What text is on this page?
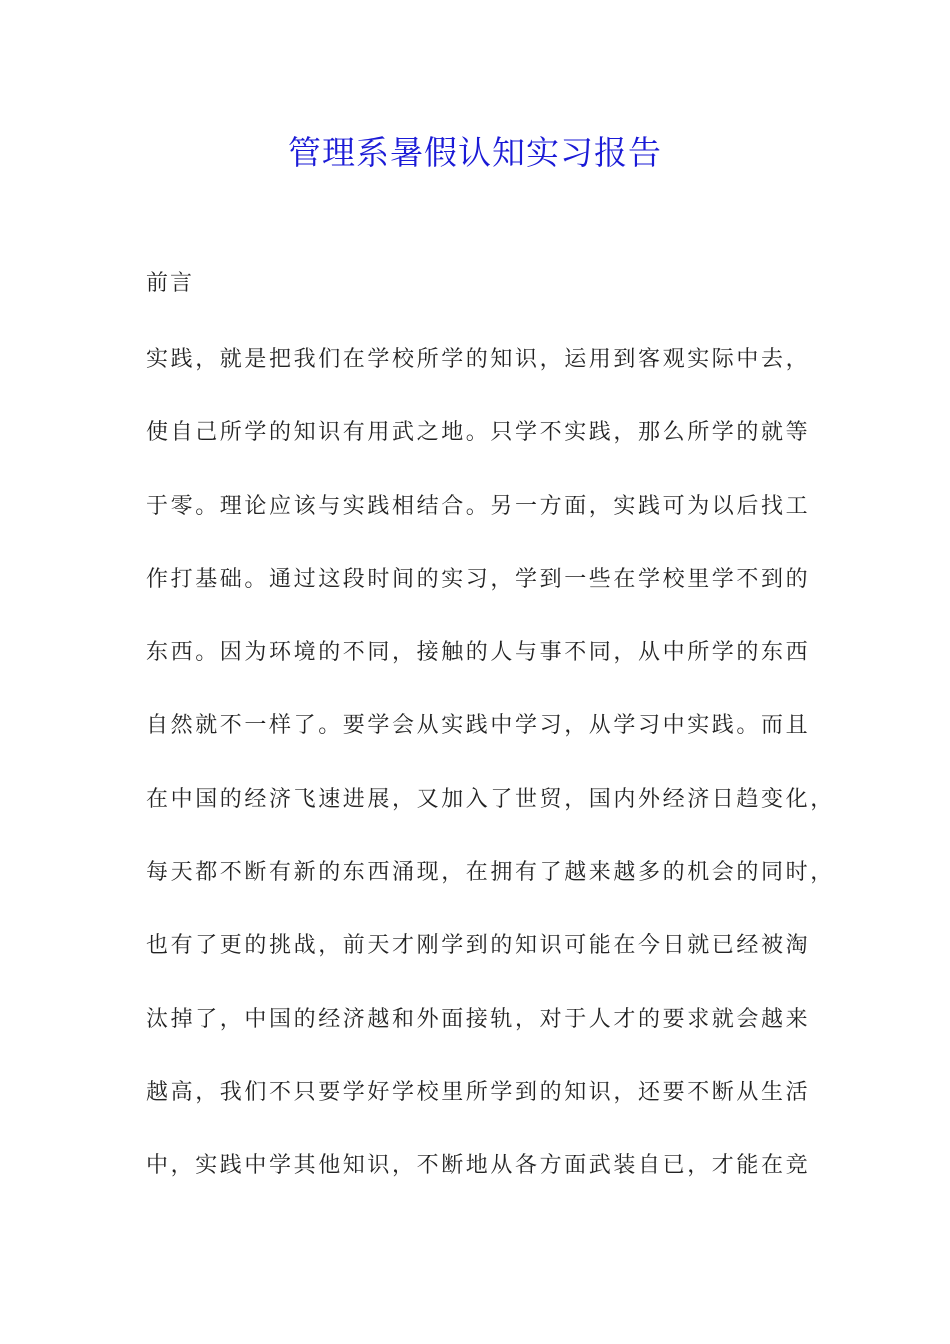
管理系暑假认知实习报告
前言
实践，就是把我们在学校所学的知识，运用到客观实际中去，
使自己所学的知识有用武之地。只学不实践，那么所学的就等
于零。理论应该与实践相结合。另一方面，实践可为以后找工
作打基础。通过这段时间的实习，学到一些在学校里学不到的
东西。因为环境的不同，接触的人与事不同，从中所学的东西
自然就不一样了。要学会从实践中学习，从学习中实践。而且
在中国的经济飞速进展，又加入了世贸，国内外经济日趋变化，
每天都不断有新的东西涌现，在拥有了越来越多的机会的同时，
也有了更的挑战，前天才刚学到的知识可能在今日就已经被淘
汰掉了，中国的经济越和外面接轨，对于人才的要求就会越来
越高，我们不只要学好学校里所学到的知识，还要不断从生活
中，实践中学其他知识，不断地从各方面武装自已，才能在竞
